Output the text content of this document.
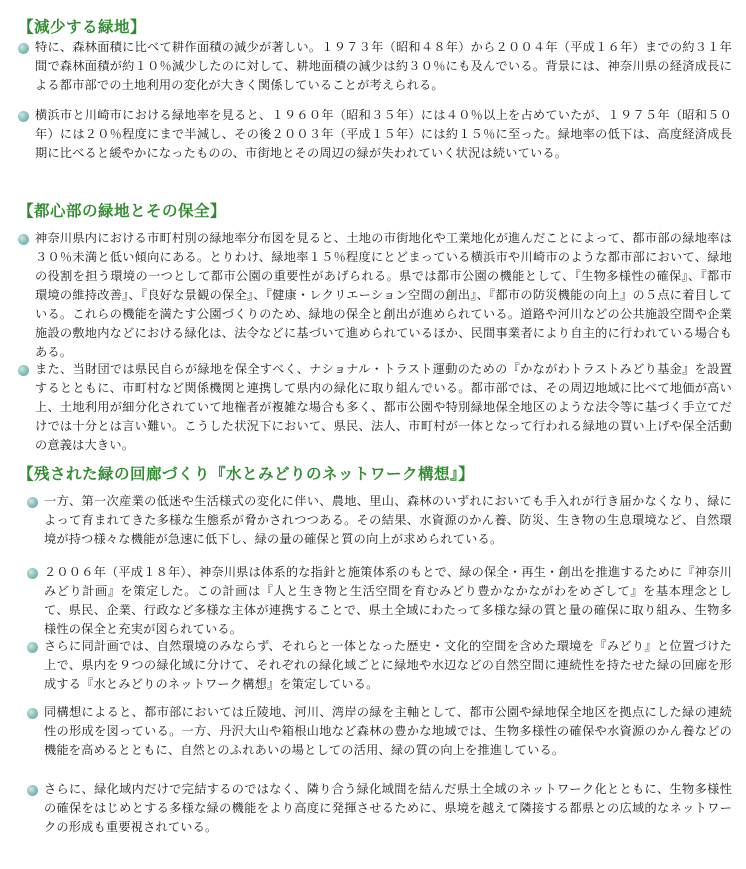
【減少する緑地】

特に、森林面積に比べて耕作面積の減少が著しい。１９７３年（昭和４８年）から２００４年（平成１６年）までの約３１年間で森林面積が約１０％減少したのに対して、耕地面積の減少は約３０％にも及んでいる。背景には、神奈川県の経済成長による都市部での土地利用の変化が大きく関係していることが考えられる。

横浜市と川崎市における緑地率を見ると、１９６０年（昭和３５年）には４０％以上を占めていたが、１９７５年（昭和５０年）には２０％程度にまで半減し、その後２００３年（平成１５年）には約１５％に至った。緑地率の低下は、高度経済成長期に比べると緩やかになったものの、市街地とその周辺の緑が失われていく状況は続いている。

【都心部の緑地とその保全】

神奈川県内における市町村別の緑地率分布図を見ると、土地の市街地化や工業地化が進んだことによって、都市部の緑地率は３０％未満と低い傾向にある。とりわけ、緑地率１５％程度にとどまっている横浜市や川崎市のような都市部において、緑地の役割を担う環境の一つとして都市公園の重要性があげられる。県では都市公園の機能として、『生物多様性の確保』、『都市環境の維持改善』、『良好な景観の保全』、『健康・レクリエーション空間の創出』、『都市の防災機能の向上』の５点に着目している。これらの機能を満たす公園づくりのため、緑地の保全と創出が進められている。道路や河川などの公共施設空間や企業施設の敷地内などにおける緑化は、法令などに基づいて進められているほか、民間事業者により自主的に行われている場合もある。

また、当財団では県民自らが緑地を保全すべく、ナショナル・トラスト運動のための『かながわトラストみどり基金』を設置するとともに、市町村など関係機関と連携して県内の緑化に取り組んでいる。都市部では、その周辺地域に比べて地価が高い上、土地利用が細分化されていて地権者が複雑な場合も多く、都市公園や特別緑地保全地区のような法令等に基づく手立てだけでは十分とは言い難い。こうした状況下において、県民、法人、市町村が一体となって行われる緑地の買い上げや保全活動の意義は大きい。

【残された緑の回廊づくり『水とみどりのネットワーク構想』】

一方、第一次産業の低迷や生活様式の変化に伴い、農地、里山、森林のいずれにおいても手入れが行き届かなくなり、緑によって育まれてきた多様な生態系が脅かされつつある。その結果、水資源のかん養、防災、生き物の生息環境など、自然環境が持つ様々な機能が急速に低下し、緑の量の確保と質の向上が求められている。

２００６年（平成１８年）、神奈川県は体系的な指針と施策体系のもとで、緑の保全・再生・創出を推進するために『神奈川みどり計画』を策定した。この計画は『人と生き物と生活空間を育むみどり豊かなかながわをめざして』を基本理念として、県民、企業、行政など多様な主体が連携することで、県土全域にわたって多様な緑の質と量の確保に取り組み、生物多様性の保全と充実が図られている。

さらに同計画では、自然環境のみならず、それらと一体となった歴史・文化的空間を含めた環境を『みどり』と位置づけた上で、県内を９つの緑化域に分けて、それぞれの緑化域ごとに緑地や水辺などの自然空間に連続性を持たせた緑の回廊を形成する『水とみどりのネットワーク構想』を策定している。

同構想によると、都市部においては丘陵地、河川、湾岸の緑を主軸として、都市公園や緑地保全地区を拠点にした緑の連続性の形成を図っている。一方、丹沢大山や箱根山地など森林の豊かな地域では、生物多様性の確保や水資源のかん養などの機能を高めるとともに、自然とのふれあいの場としての活用、緑の質の向上を推進している。

さらに、緑化域内だけで完結するのではなく、隣り合う緑化域間を結んだ県土全域のネットワーク化とともに、生物多様性の確保をはじめとする多様な緑の機能をより高度に発揮させるために、県境を越えて隣接する都県との広域的なネットワークの形成も重要視されている。
